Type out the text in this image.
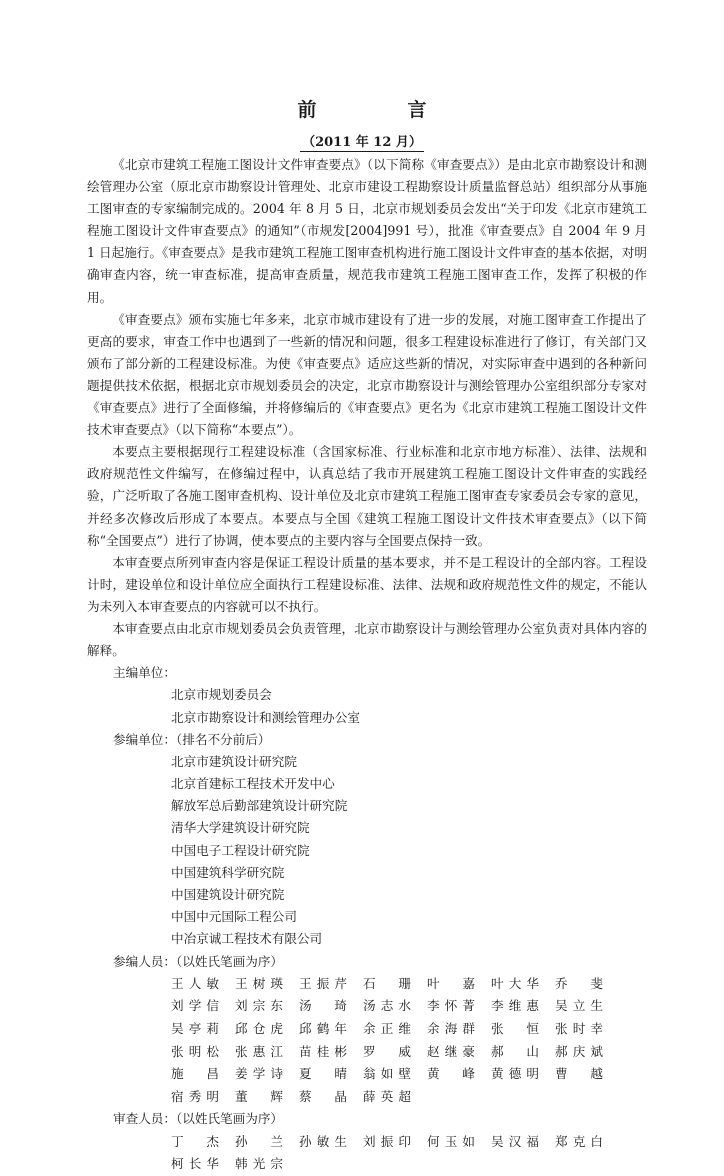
前　言
（2011 年 12 月）

《北京市建筑工程施工图设计文件审查要点》（以下简称《审查要点》）是由北京市勘察设计和测绘管理办公室（原北京市勘察设计管理处、北京市建设工程勘察设计质量监督总站）组织部分从事施工图审查的专家编制完成的。2004 年 8 月 5 日，北京市规划委员会发出“关于印发《北京市建筑工程施工图设计文件审查要点》的通知”（市规发[2004]991 号），批准《审查要点》自 2004 年 9 月 1 日起施行。《审查要点》是我市建筑工程施工图审查机构进行施工图设计文件审查的基本依据，对明确审查内容，统一审查标准，提高审查质量，规范我市建筑工程施工图审查工作，发挥了积极的作用。

《审查要点》颁布实施七年多来，北京市城市建设有了进一步的发展，对施工图审查工作提出了更高的要求，审查工作中也遇到了一些新的情况和问题，很多工程建设标准进行了修订，有关部门又颁布了部分新的工程建设标准。为使《审查要点》适应这些新的情况，对实际审查中遇到的各种新问题提供技术依据，根据北京市规划委员会的决定，北京市勘察设计与测绘管理办公室组织部分专家对《审查要点》进行了全面修编，并将修编后的《审查要点》更名为《北京市建筑工程施工图设计文件技术审查要点》（以下简称“本要点”）。

本要点主要根据现行工程建设标准（含国家标准、行业标准和北京市地方标准）、法律、法规和政府规范性文件编写，在修编过程中，认真总结了我市开展建筑工程施工图设计文件审查的实践经验，广泛听取了各施工图审查机构、设计单位及北京市建筑工程施工图审查专家委员会专家的意见，并经多次修改后形成了本要点。本要点与全国《建筑工程施工图设计文件技术审查要点》（以下简称“全国要点”）进行了协调，使本要点的主要内容与全国要点保持一致。

本审查要点所列审查内容是保证工程设计质量的基本要求，并不是工程设计的全部内容。工程设计时，建设单位和设计单位应全面执行工程建设标准、法律、法规和政府规范性文件的规定，不能认为未列入本审查要点的内容就可以不执行。

本审查要点由北京市规划委员会负责管理，北京市勘察设计与测绘管理办公室负责对具体内容的解释。

主编单位：
北京市规划委员会
北京市勘察设计和测绘管理办公室
参编单位：（排名不分前后）
北京市建筑设计研究院
北京首建标工程技术开发中心
解放军总后勤部建筑设计研究院
清华大学建筑设计研究院
中国电子工程设计研究院
中国建筑科学研究院
中国建筑设计研究院
中国中元国际工程公司
中冶京诚工程技术有限公司
参编人员：（以姓氏笔画为序）
王人敏 王树瑛 王振芹 石　珊 叶　嘉 叶大华 乔　斐
刘学信 刘宗东 汤　琦 汤志水 李怀菁 李维惠 吴立生
吴亭莉 邱仓虎 邱鹤年 余正维 余海群 张　恒 张时幸
张明松 张惠江 苗桂彬 罗　威 赵继豪 郝　山 郝庆斌
施　昌 姜学诗 夏　晴 翁如壁 黄　峰 黄德明 曹　越
宿秀明 董　辉 蔡　晶 薛英超
审查人员：（以姓氏笔画为序）
丁　杰 孙　兰 孙敏生 刘振印 何玉如 吴汉福 郑克白
柯长华 韩光宗
